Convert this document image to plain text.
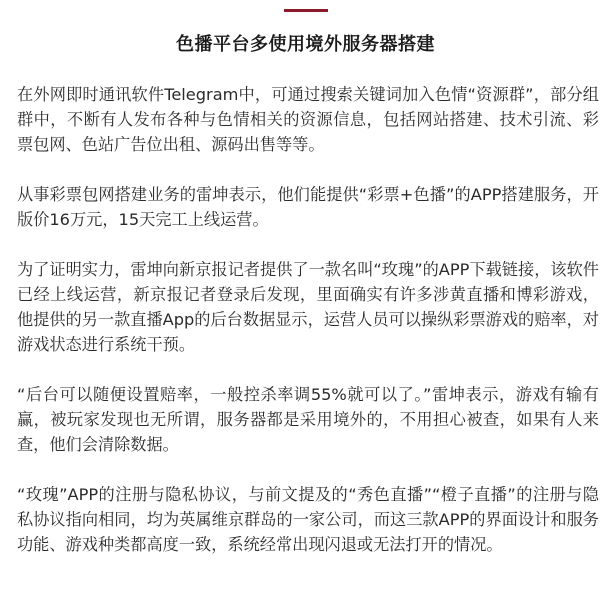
色播平台多使用境外服务器搭建

在外网即时通讯软件Telegram中，可通过搜索关键词加入色情“资源群”，部分组群中，不断有人发布各种与色情相关的资源信息，包括网站搭建、技术引流、彩票包网、色站广告位出租、源码出售等等。

从事彩票包网搭建业务的雷坤表示，他们能提供“彩票+色播”的APP搭建服务，开版价16万元，15天完工上线运营。

为了证明实力，雷坤向新京报记者提供了一款名叫“玫瑰”的APP下载链接，该软件已经上线运营，新京报记者登录后发现，里面确实有许多涉黄直播和博彩游戏，他提供的另一款直播App的后台数据显示，运营人员可以操纵彩票游戏的赔率，对游戏状态进行系统干预。

“后台可以随便设置赔率，一般控杀率调55%就可以了。”雷坤表示，游戏有输有赢，被玩家发现也无所谓，服务器都是采用境外的，不用担心被查，如果有人来查，他们会清除数据。

“玫瑰”APP的注册与隐私协议，与前文提及的“秀色直播”“橙子直播”的注册与隐私协议指向相同，均为英属维京群岛的一家公司，而这三款APP的界面设计和服务功能、游戏种类都高度一致，系统经常出现闪退或无法打开的情况。
